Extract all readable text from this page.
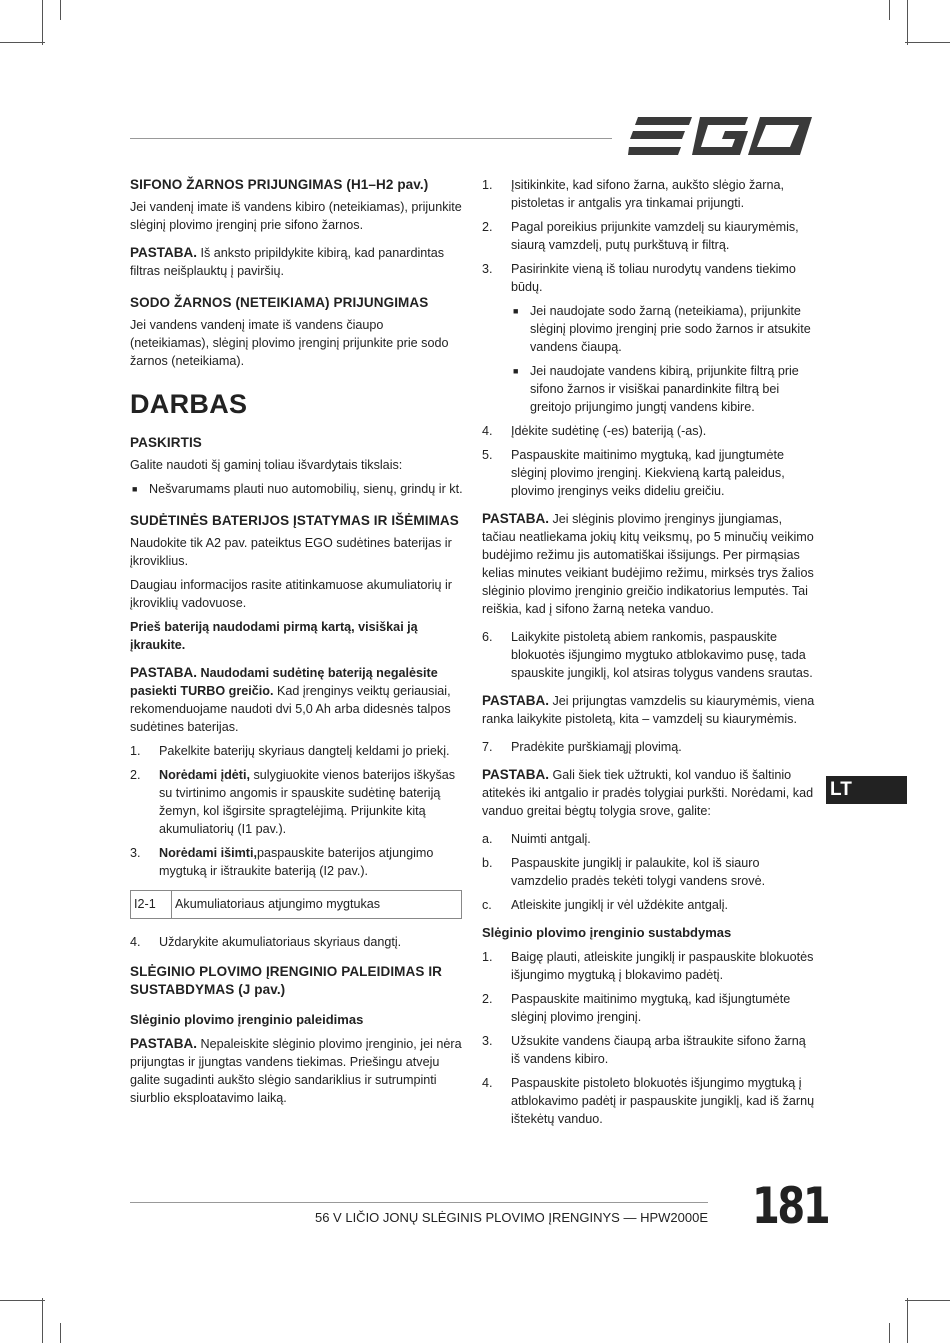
SIFONO ŽARNOS PRIJUNGIMAS (H1–H2 pav.)

Jei vandenį imate iš vandens kibiro (neteikiamas), prijunkite slėginį plovimo įrenginį prie sifono žarnos.

PASTABA. Iš anksto pripildykite kibirą, kad panardintas filtras neišplauktų į paviršių.

SODO ŽARNOS (NETEIKIAMA) PRIJUNGIMAS

Jei vandens vandenį imate iš vandens čiaupo (neteikiamas), slėginį plovimo įrenginį prijunkite prie sodo žarnos (neteikiama).

DARBAS
PASKIRTIS

Galite naudoti šį gaminį toliau išvardytais tikslais:

■ Nešvarumams plauti nuo automobilių, sienų, grindų ir kt.
SUDĖTINĖS BATERIJOS ĮSTATYMAS IR IŠĖMIMAS

Naudokite tik A2 pav. pateiktus EGO sudėtines baterijas ir įkroviklius.

Daugiau informacijos rasite atitinkamuose akumuliatorių ir įkroviklių vadovuose.

Prieš bateriją naudodami pirmą kartą, visiškai ją įkraukite.

PASTABA. Naudodami sudėtinę bateriją negalėsite pasiekti TURBO greičio. Kad įrenginys veiktų geriausiai, rekomenduojame naudoti dvi 5,0 Ah arba didesnės talpos sudėtines baterijas.

1.	Pakelkite baterijų skyriaus dangtelį keldami jo priekį.
2.	Norėdami įdėti, sulygiuokite vienos baterijos iškyšas su tvirtinimo angomis ir spauskite sudėtinę bateriją žemyn, kol išgirsite spragtelėjimą. Prijunkite kitą akumuliatorių (I1 pav.).
3.	Norėdami išimti,paspauskite baterijos atjungimo mygtuką ir ištraukite bateriją (I2 pav.).
I2-1	Akumuliatoriaus atjungimo mygtukas
4.	Uždarykite akumuliatoriaus skyriaus dangtį.
SLĖGINIO PLOVIMO ĮRENGINIO PALEIDIMAS IR SUSTABDYMAS (J pav.)
Slėginio plovimo įrenginio paleidimas

PASTABA. Nepaleiskite slėginio plovimo įrenginio, jei nėra prijungtas ir įjungtas vandens tiekimas. Priešingu atveju galite sugadinti aukšto slėgio sandariklius ir sutrumpinti siurblio eksploatavimo laiką.

1.	Įsitikinkite, kad sifono žarna, aukšto slėgio žarna, pistoletas ir antgalis yra tinkamai prijungti.
2.	Pagal poreikius prijunkite vamzdelį su kiaurymėmis, siaurą vamzdelį, putų purkštuvą ir filtrą.
3.	Pasirinkite vieną iš toliau nurodytų vandens tiekimo būdų.
■ Jei naudojate sodo žarną (neteikiama), prijunkite slėginį plovimo įrenginį prie sodo žarnos ir atsukite vandens čiaupą.
■ Jei naudojate vandens kibirą, prijunkite filtrą prie sifono žarnos ir visiškai panardinkite filtrą bei greitojo prijungimo jungtį vandens kibire.
4.	Įdėkite sudėtinę (-es) bateriją (-as).
5.	Paspauskite maitinimo mygtuką, kad įjungtumėte slėginį plovimo įrenginį. Kiekvieną kartą paleidus, plovimo įrenginys veiks dideliu greičiu.

PASTABA. Jei slėginis plovimo įrenginys įjungiamas, tačiau neatliekama jokių kitų veiksmų, po 5 minučių veikimo budėjimo režimu jis automatiškai išsijungs. Per pirmąsias kelias minutes veikiant budėjimo režimu, mirksės trys žalios slėginio plovimo įrenginio greičio indikatorius lemputės. Tai reiškia, kad į sifono žarną neteka vanduo.

6.	Laikykite pistoletą abiem rankomis, paspauskite blokuotės išjungimo mygtuko atblokavimo pusę, tada spauskite jungiklį, kol atsiras tolygus vandens srautas.

PASTABA. Jei prijungtas vamzdelis su kiaurymėmis, viena ranka laikykite pistoletą, kita – vamzdelį su kiaurymėmis.

7.	Pradėkite purškiamąjį plovimą.

PASTABA. Gali šiek tiek užtrukti, kol vanduo iš šaltinio atitekės iki antgalio ir pradės tolygiai purkšti. Norėdami, kad vanduo greitai bėgtų tolygia srove, galite:

a.	Nuimti antgalį.
b.	Paspauskite jungiklį ir palaukite, kol iš siauro vamzdelio pradės tekėti tolygi vandens srovė.
c.	Atleiskite jungiklį ir vėl uždėkite antgalį.
Slėginio plovimo įrenginio sustabdymas
1.	Baigę plauti, atleiskite jungiklį ir paspauskite blokuotės išjungimo mygtuką į blokavimo padėtį.
2.	Paspauskite maitinimo mygtuką, kad išjungtumėte slėginį plovimo įrenginį.
3.	Užsukite vandens čiaupą arba ištraukite sifono žarną iš vandens kibiro.
4.	Paspauskite pistoleto blokuotės išjungimo mygtuką į atblokavimo padėtį ir paspauskite jungiklį, kad iš žarnų ištekėtų vanduo.
LT
56 V LIČIO JONŲ SLĖGINIS PLOVIMO ĮRENGINYS — HPW2000E 181
